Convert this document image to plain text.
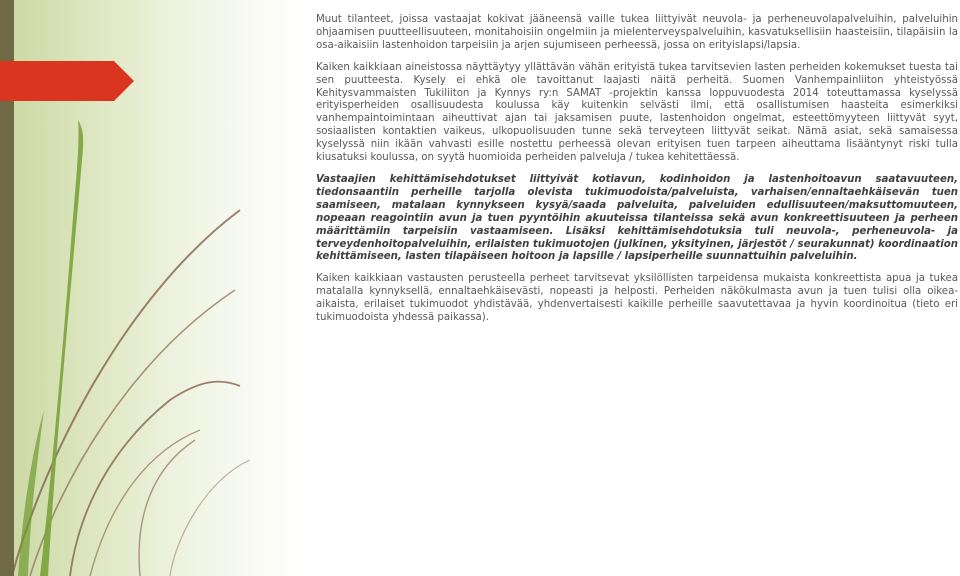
Muut tilanteet, joissa vastaajat kokivat jääneensä vaille tukea liittyivät neuvola- ja perheneuvolapalveluihin, palveluihin ohjaamisen puutteellisuuteen, monitahoisiin ongelmiin ja mielenterveyspalveluihin, kasvatuksellisiin haasteisiin, tilapäisiin la osa-aikaisiin lastenhoidon tarpeisiin ja arjen sujumiseen perheessä, jossa on erityislapsi/lapsia.

Kaiken kaikkiaan aineistossa näyttäytyy yllättävän vähän erityistä tukea tarvitsevien lasten perheiden kokemukset tuesta tai sen puutteesta. Kysely ei ehkä ole tavoittanut laajasti näitä perheitä. Suomen Vanhempainliiton yhteistyössä Kehitysvammaisten Tukiliiton ja Kynnys ry:n SAMAT -projektin kanssa loppuvuodesta 2014 toteuttamassa kyselyssä erityisperheiden osallisuudesta koulussa käy kuitenkin selvästi ilmi, että osallistumisen haasteita esimerkiksi vanhempaintoimintaan aiheuttivat ajan tai jaksamisen puute, lastenhoidon ongelmat, esteettömyyteen liittyvät syyt, sosiaalisten kontaktien vaikeus, ulkopuolisuuden tunne sekä terveyteen liittyvät seikat. Nämä asiat, sekä samaisessa kyselyssä niin ikään vahvasti esille nostettu perheessä olevan erityisen tuen tarpeen aiheuttama lisääntynyt riski tulla kiusatuksi koulussa, on syytä huomioida perheiden palveluja / tukea kehitettäessä.

Vastaajien kehittämisehdotukset liittyivät kotiavun, kodinhoidon ja lastenhoitoavun saatavuuteen, tiedonsaantiin perheille tarjolla olevista tukimuodoista/palveluista, varhaisen/ennaltaehkäisevän tuen saamiseen, matalaan kynnykseen kysyä/saada palveluita, palveluiden edullisuuteen/maksuttomuuteen, nopeaan reagointiin avun ja tuen pyyntöihin akuuteissa tilanteissa sekä avun konkreettisuuteen ja perheen määrittämiin tarpeisiin vastaamiseen. Lisäksi kehittämisehdotuksia tuli neuvola-, perheneuvola- ja terveydenhoitopalveluihin, erilaisten tukimuotojen (julkinen, yksityinen, järjestöt / seurakunnat) koordinaation kehittämiseen, lasten tilapäiseen hoitoon ja lapsille / lapsiperheille suunnattuihin palveluihin.

Kaiken kaikkiaan vastausten perusteella perheet tarvitsevat yksilöllisten tarpeidensa mukaista konkreettista apua ja tukea matalalla kynnyksellä, ennaltaehkäisevästi, nopeasti ja helposti. Perheiden näkökulmasta avun ja tuen tulisi olla oikea-aikaista, erilaiset tukimuodot yhdistävää, yhdenvertaisesti kaikille perheille saavutettavaa ja hyvin koordinoitua (tieto eri tukimuodoista yhdessä paikassa).
